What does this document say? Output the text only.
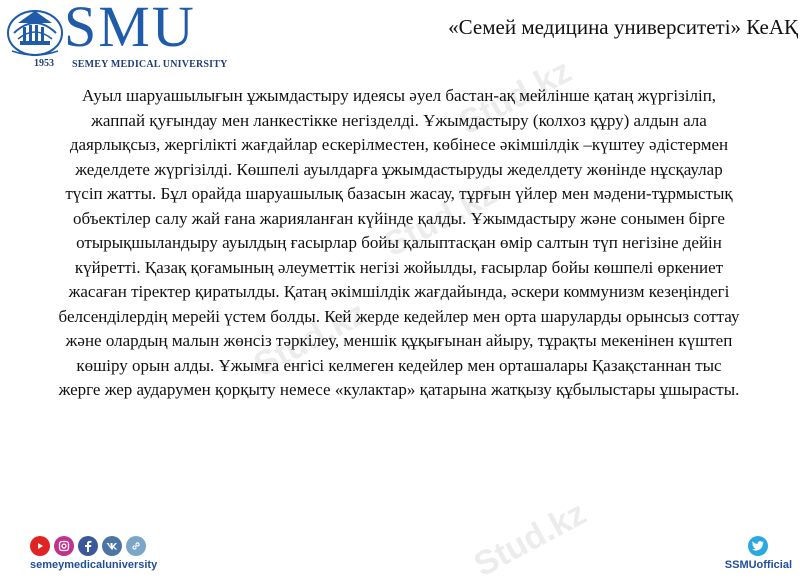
SMU
1953 SEMEY MEDICAL UNIVERSITY
«Семей медицина университеті» КеАҚ
Stud.kz
Stud.kz
Stud.kz
Stud.kz
Ауыл шаруашылығын ұжымдастыру идеясы әуел бастан-ақ мейлінше қатаң жүргізіліп, жаппай қуғындау мен ланкестікке негізделді. Ұжымдастыру (колхоз құру) алдын ала даярлықсыз, жергілікті жағдайлар ескерілместен, көбінесе әкімшілдік –күштеу әдістермен жеделдете жүргізілді. Көшпелі ауылдарға ұжымдастыруды жеделдету жөнінде нұсқаулар түсіп жатты. Бұл орайда шаруашылық базасын жасау, тұрғын үйлер мен мәдени-тұрмыстық объектілер салу жай ғана жарияланған күйінде қалды. Ұжымдастыру және сонымен бірге отырықшыландыру ауылдың ғасырлар бойы қалыптасқан өмір салтын түп негізіне дейін күйретті. Қазақ қоғамының әлеуметтік негізі жойылды, ғасырлар бойы көшпелі өркениет жасаған тіректер қиратылды. Қатаң әкімшілдік жағдайында, әскери коммунизм кезеңіндегі белсенділердің мерейі үстем болды. Кей жерде кедейлер мен орта шаруларды орынсыз соттау және олардың малын жөнсіз тәркілеу, меншік құқығынан айыру, тұрақты мекенінен күштеп көшіру орын алды. Ұжымға енгісі келмеген кедейлер мен орташалары Қазақстаннан тыс жерге жер аударумен қорқыту немесе «кулактар» қатарына жатқызу құбылыстары ұшырасты.
semeymedicaluniversity	SSMUofficial
